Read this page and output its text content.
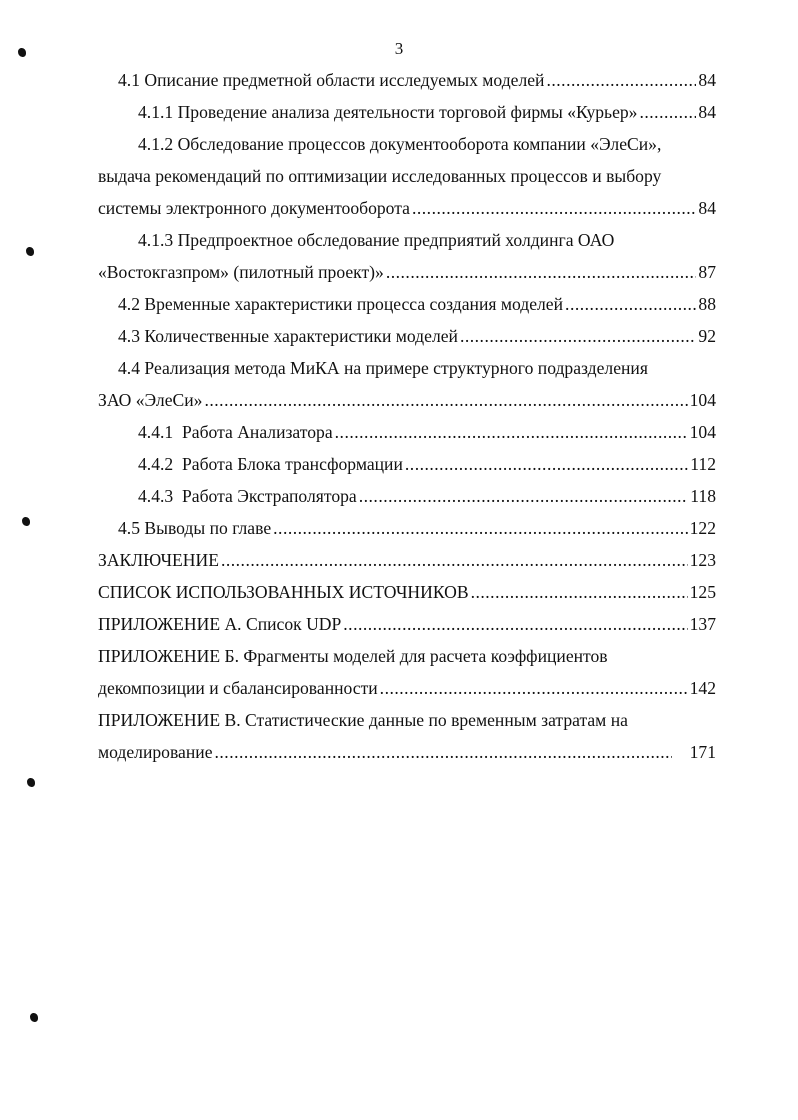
3
4.1 Описание предметной области исследуемых моделей .....	84
4.1.1 Проведение анализа деятельности торговой фирмы «Курьер» .....	84
4.1.2 Обследование процессов документооборота компании «ЭлеСи»,
выдача рекомендаций по оптимизации исследованных процессов и выбору
системы электронного документооборота .....	84
4.1.3 Предпроектное обследование предприятий холдинга ОАО
«Востокгазпром» (пилотный проект)» .....	87
4.2 Временные характеристики процесса создания моделей .....	88
4.3 Количественные характеристики моделей .....	92
4.4 Реализация метода МиКА на примере структурного подразделения
ЗАО «ЭлеСи» .....	104
4.4.1  Работа Анализатора .....	104
4.4.2  Работа Блока трансформации .....	112
4.4.3  Работа Экстраполятора .....	118
4.5 Выводы по главе .....	122
ЗАКЛЮЧЕНИЕ .....	123
СПИСОК ИСПОЛЬЗОВАННЫХ ИСТОЧНИКОВ .....	125
ПРИЛОЖЕНИЕ А. Список UDP .....	137
ПРИЛОЖЕНИЕ Б. Фрагменты моделей для расчета коэффициентов
декомпозиции и сбалансированности .....	142
ПРИЛОЖЕНИЕ В. Статистические данные по временным затратам на
моделирование .....	171
